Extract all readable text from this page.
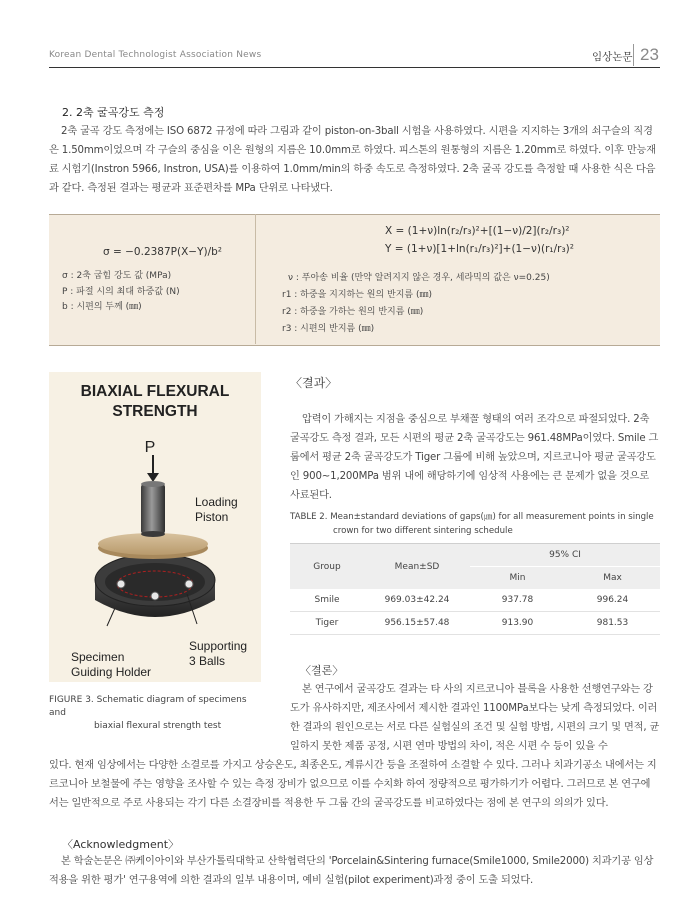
Korean Dental Technologist Association News	임상논문 23
2. 2축 굴곡강도 측정
2축 굴곡 강도 측정에는 ISO 6872 규정에 따라 그림과 같이 piston-on-3ball 시험을 사용하였다. 시편을 지지하는 3개의 쇠구슬의 직경은 1.50mm이었으며 각 구슬의 중심을 이은 원형의 지름은 10.0mm로 하였다. 피스톤의 원통형의 지름은 1.20mm로 하였다. 이후 만능재료 시험기(Instron 5966, Instron, USA)를 이용하여 1.0mm/min의 하중 속도로 측정하였다. 2축 굴곡 강도를 측정할 때 사용한 식은 다음과 같다. 측정된 결과는 평균과 표준편차를 MPa 단위로 나타냈다.
σ = −0.2387P(X−Y)/b²
σ : 2축 굽힘 강도 값 (MPa)
P : 파절 시의 최대 하중값 (N)
b : 시편의 두께 (㎜)
X = (1+ν)ln(r₂/r₃)²+[(1−ν)/2](r₂/r₃)²
Y = (1+ν)[1+ln(r₁/r₃)²]+(1−ν)(r₁/r₃)²
ν : 푸아송 비율 (만약 알려지지 않은 경우, 세라믹의 값은 ν=0.25)
r1 : 하중을 지지하는 원의 반지름 (㎜)
r2 : 하중을 가하는 원의 반지름 (㎜)
r3 : 시편의 반지름 (㎜)
BIAXIAL FLEXURAL
STRENGTH
P
Loading
Piston
Supporting
3 Balls
Specimen
Guiding Holder
FIGURE 3. Schematic diagram of specimens and
biaxial flexural strength test
〈결과〉
압력이 가해지는 지점을 중심으로 부채꼴 형태의 여러 조각으로 파절되었다. 2축 굴곡강도 측정 결과, 모든 시편의 평균 2축 굴곡강도는 961.48MPa이였다. Smile 그룹에서 평균 2축 굴곡강도가 Tiger 그룹에 비해 높았으며, 지르코니아 평균 굴곡강도인 900~1,200MPa 범위 내에 해당하기에 임상적 사용에는 큰 문제가 없을 것으로 사료된다.
TABLE 2. Mean±standard deviations of gaps(㎛) for all measurement points in single
crown for two different sintering schedule
Group	Mean±SD	95% CI	
		Min	Max
Smile	969.03±42.24	937.78	996.24
Tiger	956.15±57.48	913.90	981.53
〈결론〉
본 연구에서 굴곡강도 결과는 타 사의 지르코니아 블록을 사용한 선행연구와는 강도가 유사하지만, 제조사에서 제시한 결과인 1100MPa보다는 낮게 측정되었다. 이러한 결과의 원인으로는 서로 다른 실험실의 조건 및 실험 방법, 시편의 크기 및 면적, 균일하지 못한 제품 공정, 시편 연마 방법의 차이, 적은 시편 수 등이 있을 수
있다. 현재 임상에서는 다양한 소결로를 가지고 상승온도, 최종온도, 계류시간 등을 조절하여 소결할 수 있다. 그러나 치과기공소 내에서는 지르코니아 보철물에 주는 영향을 조사할 수 있는 측정 장비가 없으므로 이를 수치화 하여 정량적으로 평가하기가 어렵다. 그러므로 본 연구에서는 일반적으로 주로 사용되는 각기 다른 소결장비를 적용한 두 그룹 간의 굴곡강도를 비교하였다는 점에 본 연구의 의의가 있다.
〈Acknowledgment〉
본 학술논문은 ㈜케이아이와 부산가톨릭대학교 산학협력단의 'Porcelain&Sintering furnace(Smile1000, Smile2000) 치과기공 임상적용을 위한 평가' 연구용역에 의한 결과의 일부 내용이며, 예비 실험(pilot experiment)과정 중이 도출 되었다.
